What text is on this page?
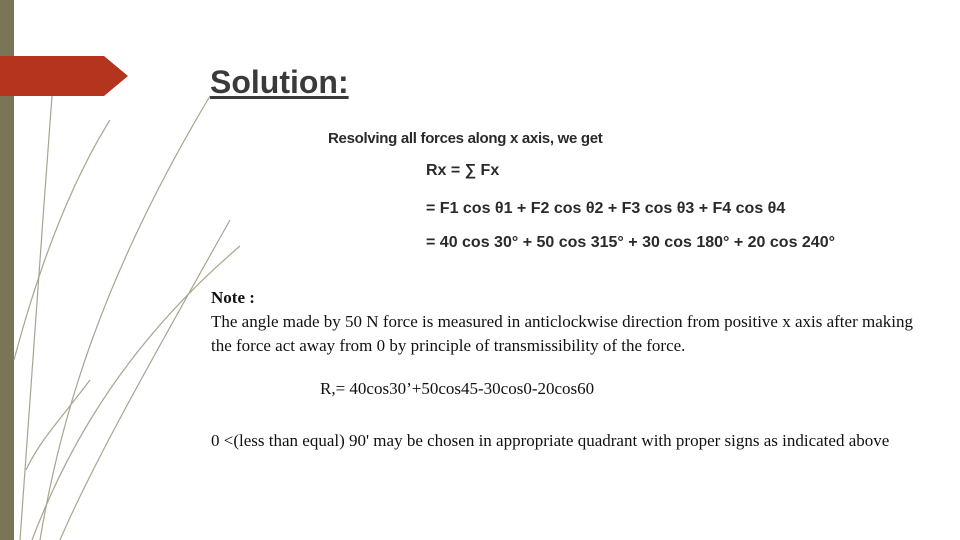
Solution:
Resolving all forces along x axis, we get
Rx = ∑ Fx
= F1 cos θ1 + F2 cos θ2 + F3 cos θ3 + F4 cos θ4
= 40 cos 30° + 50 cos 315° + 30 cos 180° + 20 cos 240°
Note :
The angle made by 50 N force is measured in anticlockwise direction from positive x axis after making the force act away from 0 by principle of transmissibility of the force.
R,= 40cos30’+50cos45-30cos0-20cos60
0 <(less than equal) 90' may be chosen in appropriate quadrant with proper signs as indicated above
